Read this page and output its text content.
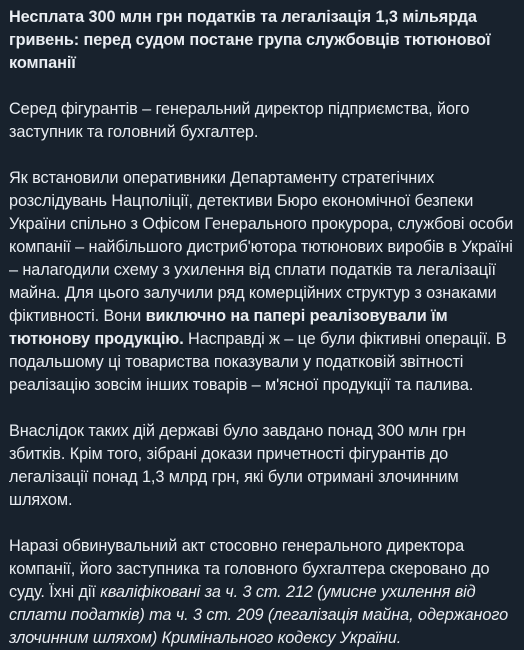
Несплата 300 млн грн податків та легалізація 1,3 мільярда гривень: перед судом постане група службовців тютюнової компанії

Серед фігурантів – генеральний директор підприємства, його заступник та головний бухгалтер.

Як встановили оперативники Департаменту стратегічних розслідувань Нацполіції, детективи Бюро економічної безпеки України спільно з Офісом Генерального прокурора, службові особи компанії – найбільшого дистриб'ютора тютюнових виробів в Україні – налагодили схему з ухилення від сплати податків та легалізації майна. Для цього залучили ряд комерційних структур з ознаками фіктивності. Вони виключно на папері реалізовували їм тютюнову продукцію. Насправді ж – це були фіктивні операції. В подальшому ці товариства показували у податковій звітності реалізацію зовсім інших товарів – м'ясної продукції та палива.

Внаслідок таких дій державі було завдано понад 300 млн грн збитків. Крім того, зібрані докази причетності фігурантів до легалізації понад 1,3 млрд грн, які були отримані злочинним шляхом.

Наразі обвинувальний акт стосовно генерального директора компанії, його заступника та головного бухгалтера скеровано до суду. Їхні дії кваліфіковані за ч. 3 ст. 212 (умисне ухилення від сплати податків) та ч. 3 ст. 209 (легалізація майна, одержаного злочинним шляхом) Кримінального кодексу України.
